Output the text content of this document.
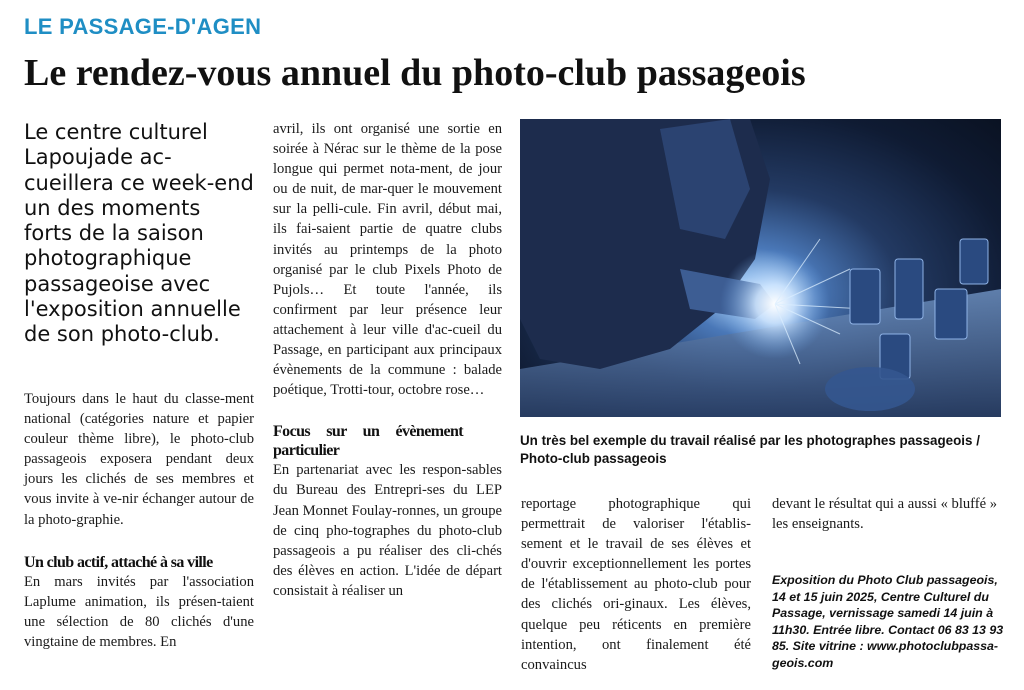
LE PASSAGE-D'AGEN
Le rendez-vous annuel du photo-club passageois
Le centre culturel Lapoujade ac-cueillera ce week-end un des moments forts de la saison photographique passageoise avec l'exposition annuelle de son photo-club.

Toujours dans le haut du classe-ment national (catégories nature et papier couleur thème libre), le photo-club passageois exposera pendant deux jours les clichés de ses membres et vous invite à ve-nir échanger autour de la photo-graphie.

Un club actif, attaché à sa ville

En mars invités par l'association Laplume animation, ils présen-taient une sélection de 80 clichés d'une vingtaine de membres. En

avril, ils ont organisé une sortie en soirée à Nérac sur le thème de la pose longue qui permet nota-ment, de jour ou de nuit, de mar-quer le mouvement sur la pelli-cule. Fin avril, début mai, ils fai-saient partie de quatre clubs invités au printemps de la photo organisé par le club Pixels Photo de Pujols… Et toute l'année, ils confirment par leur présence leur attachement à leur ville d'ac-cueil du Passage, en participant aux principaux évènements de la commune : balade poétique, Trotti-tour, octobre rose…

Focus sur un évènement particulier

En partenariat avec les respon-sables du Bureau des Entrepri-ses du LEP Jean Monnet Foulay-ronnes, un groupe de cinq pho-tographes du photo-club passageois a pu réaliser des cli-chés des élèves en action. L'idée de départ consistait à réaliser un

Un très bel exemple du travail réalisé par les photographes passageois / Photo-club passageois

reportage photographique qui permettrait de valoriser l'établis-sement et le travail de ses élèves et d'ouvrir exceptionnellement les portes de l'établissement au photo-club pour des clichés ori-ginaux. Les élèves, quelque peu réticents en première intention, ont finalement été convaincus

devant le résultat qui a aussi « bluffé » les enseignants.

Exposition du Photo Club passageois, 14 et 15 juin 2025, Centre Culturel du Passage, vernissage samedi 14 juin à 11h30. Entrée libre. Contact 06 83 13 93 85. Site vitrine : www.photoclubpassa-geois.com
